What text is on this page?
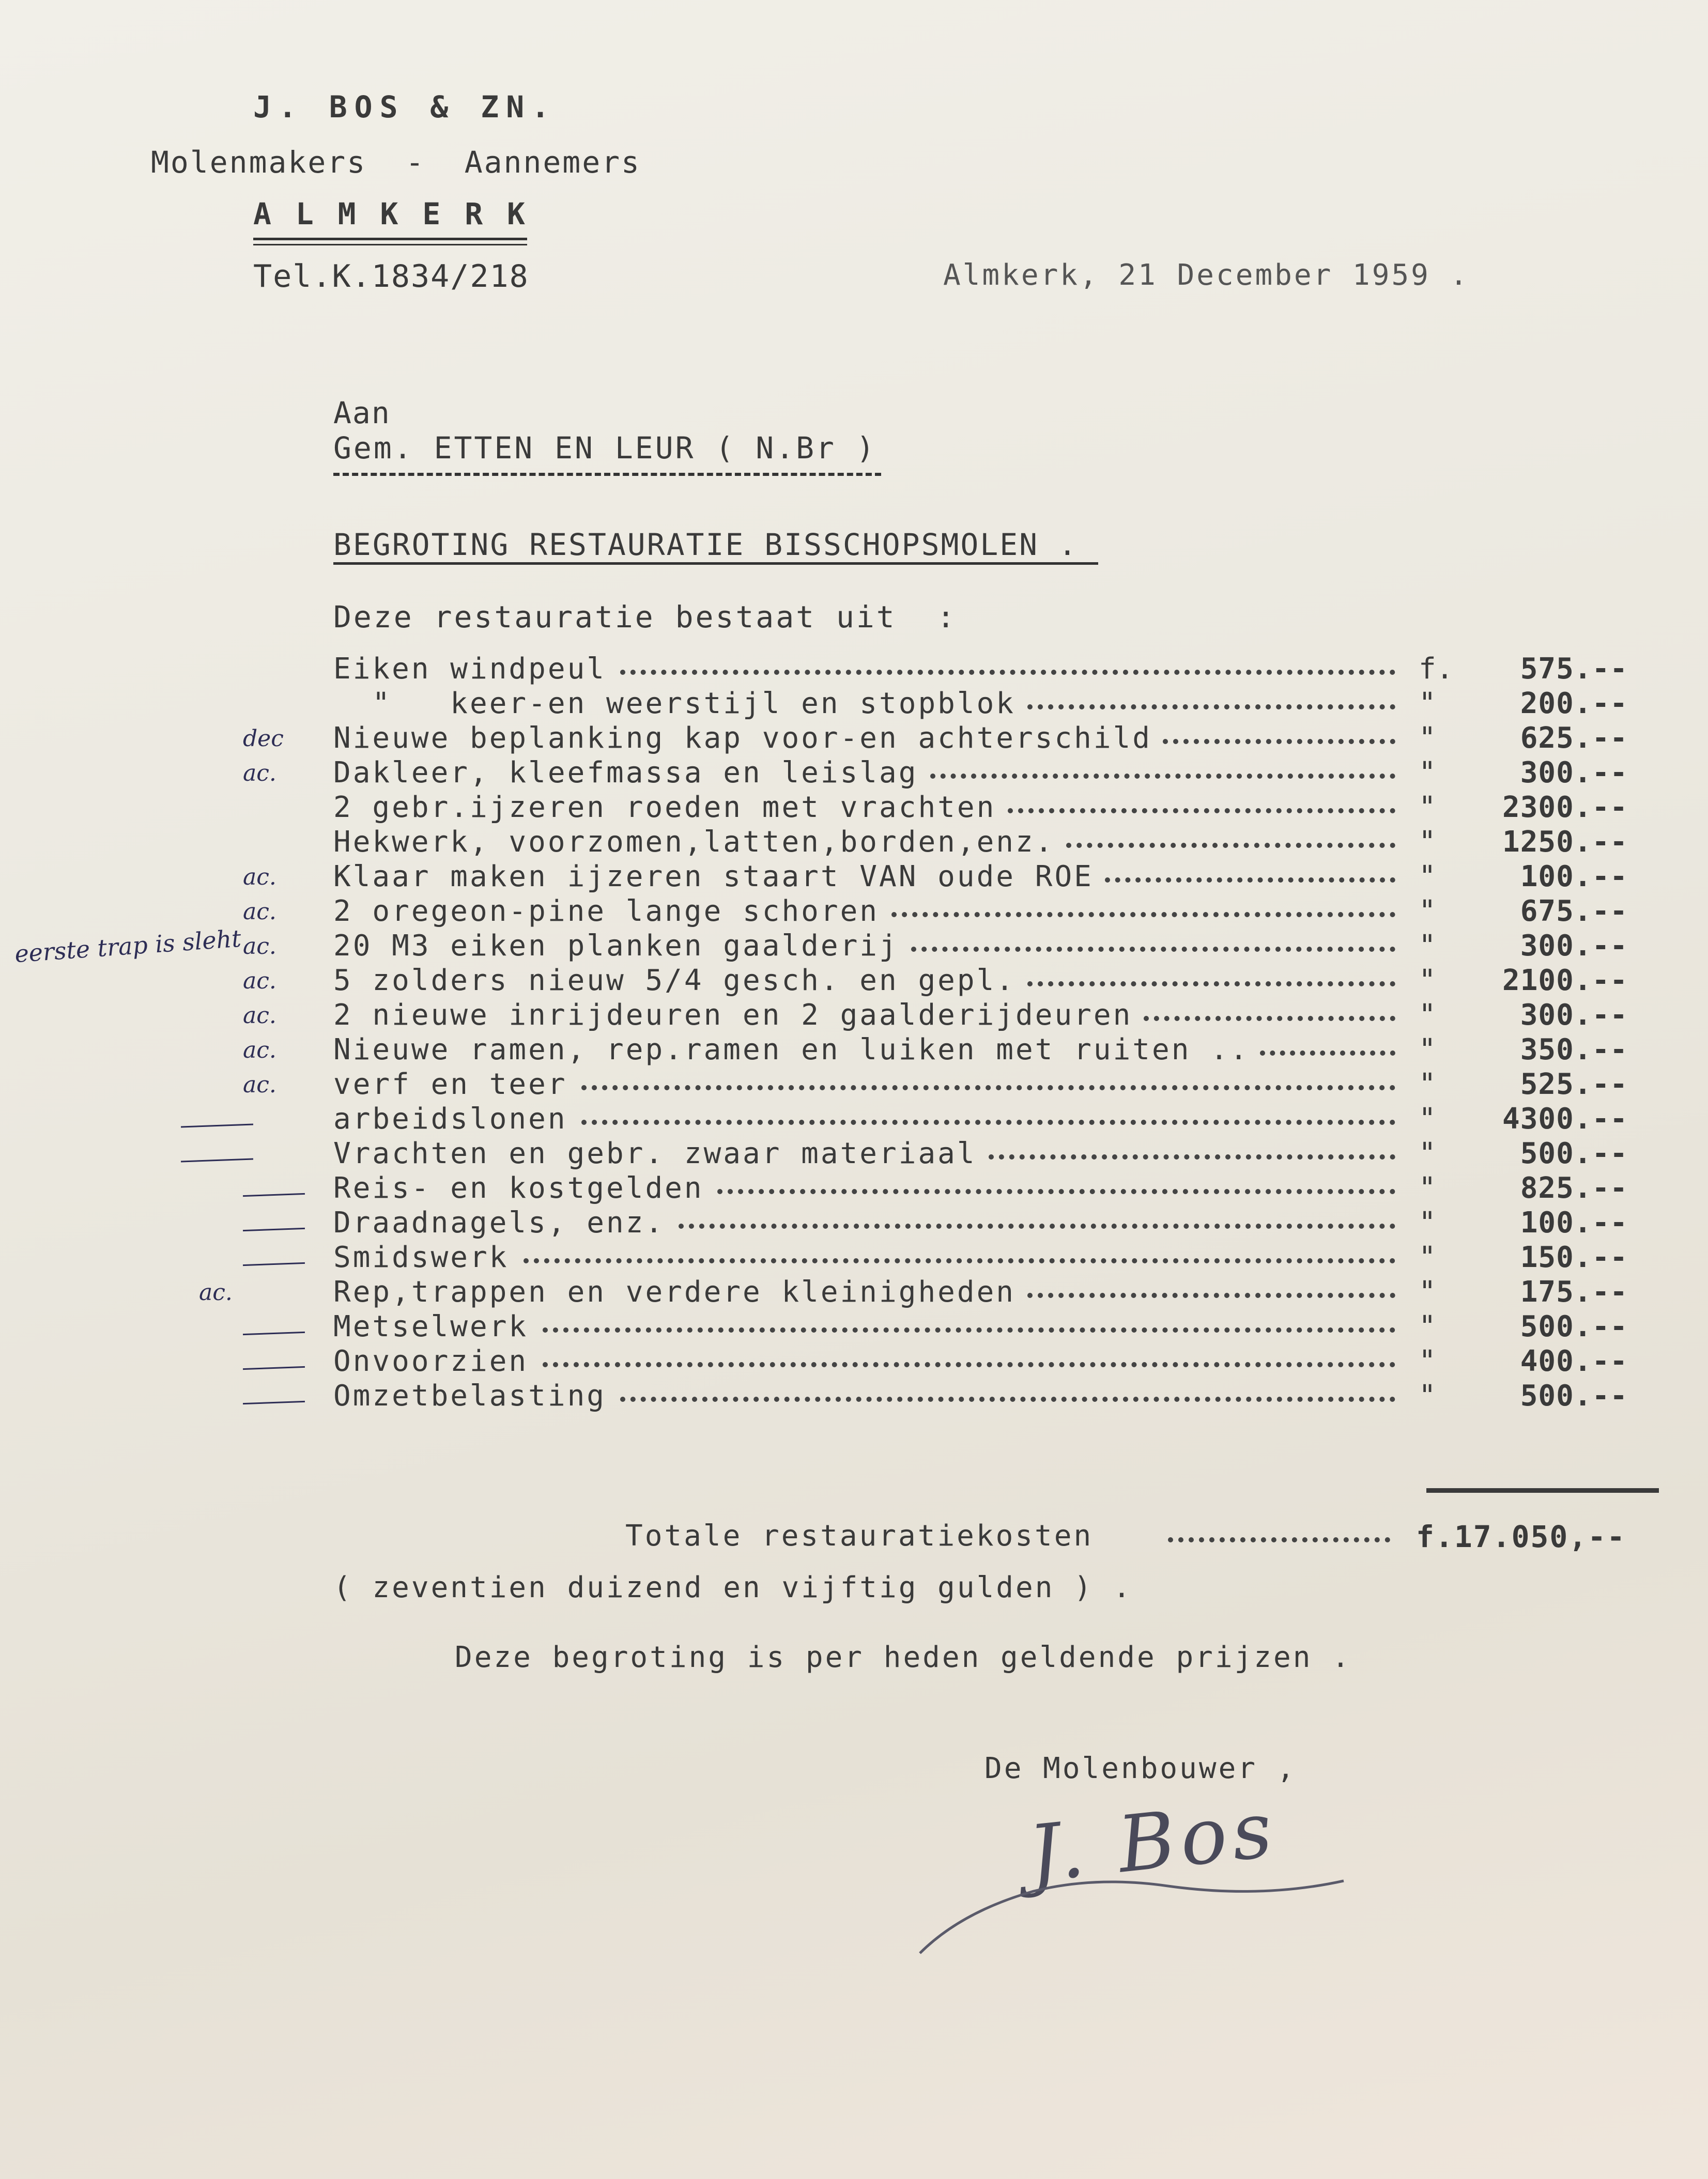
J. BOS & ZN.
Molenmakers  -  Aannemers
A L M K E R K
Tel.K.1834/218	Almkerk, 21 December 1959 .
Aan
Gem. ETTEN EN LEUR ( N.Br )
BEGROTING RESTAURATIE BISSCHOPSMOLEN .
Deze restauratie bestaat uit  :
Eiken windpeul	f. 575.--
"   keer-en weerstijl en stopblok	"	200.--
Nieuwe beplanking kap voor-en achterschild	"	625.--
dec
Dakleer, kleefmassa en leislag	"	300.--
ac.
2 gebr.ijzeren roeden met vrachten	" 2300.--
Hekwerk, voorzomen,latten,borden,enz.	" 1250.--
Klaar maken ijzeren staart VAN oude ROE	"	100.--
ac.
2 oregeon-pine lange schoren	"	675.--
ac.
20 M3 eiken planken gaalderij	"	300.--
ac.
5 zolders nieuw 5/4 gesch. en gepl.	" 2100.--
ac.
2 nieuwe inrijdeuren en 2 gaalderijdeuren	"	300.--
ac.
Nieuwe ramen, rep.ramen en luiken met ruiten ..	"	350.--
ac.
verf en teer	"	525.--
ac.
arbeidslonen	" 4300.--
Vrachten en gebr. zwaar materiaal	"	500.--
Reis- en kostgelden	"	825.--
Draadnagels, enz.	"	100.--
Smidswerk	"	150.--
Rep,trappen en verdere kleinigheden	"	175.--
ac.
Metselwerk	"	500.--
Onvoorzien	"	400.--
Omzetbelasting	"	500.--
eerste trap is sleht
Totale restauratiekosten	f.17.050,--
( zeventien duizend en vijftig gulden ) .
Deze begroting is per heden geldende prijzen .
De Molenbouwer ,
J. Bos
